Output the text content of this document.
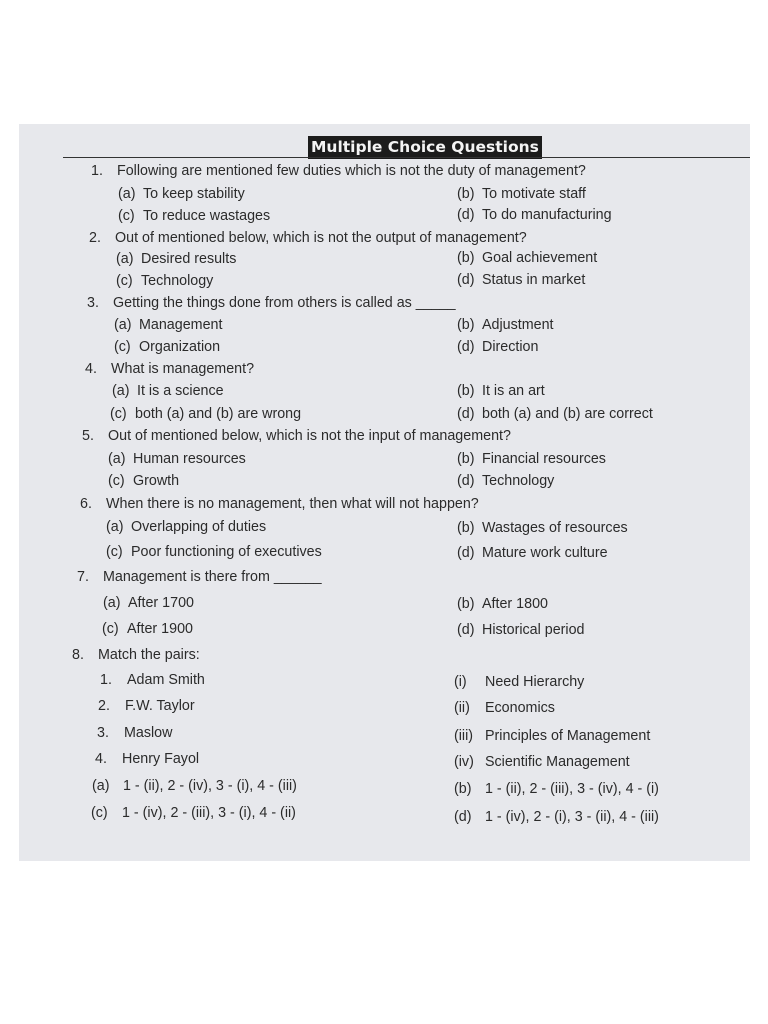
Multiple Choice Questions
1. Following are mentioned few duties which is not the duty of management?
(a) To keep stability	(b) To motivate staff
(c) To reduce wastages	(d) To do manufacturing
2. Out of mentioned below, which is not the output of management?
(a) Desired results	(b) Goal achievement
(c) Technology	(d) Status in market
3. Getting the things done from others is called as _____
(a) Management	(b) Adjustment
(c) Organization	(d) Direction
4. What is management?
(a) It is a science	(b) It is an art
(c) both (a) and (b) are wrong	(d) both (a) and (b) are correct
5. Out of mentioned below, which is not the input of management?
(a) Human resources	(b) Financial resources
(c) Growth	(d) Technology
6. When there is no management, then what will not happen?
(a) Overlapping of duties	(b) Wastages of resources
(c) Poor functioning of executives	(d) Mature work culture
7. Management is there from ______
(a) After 1700	(b) After 1800
(c) After 1900	(d) Historical period
8. Match the pairs:
1. Adam Smith	(i) Need Hierarchy
2. F.W. Taylor	(ii) Economics
3. Maslow	(iii) Principles of Management
4. Henry Fayol	(iv) Scientific Management
(a) 1 - (ii), 2 - (iv), 3 - (i), 4 - (iii)	(b) 1 - (ii), 2 - (iii), 3 - (iv), 4 - (i)
(c) 1 - (iv), 2 - (iii), 3 - (i), 4 - (ii)	(d) 1 - (iv), 2 - (i), 3 - (ii), 4 - (iii)
